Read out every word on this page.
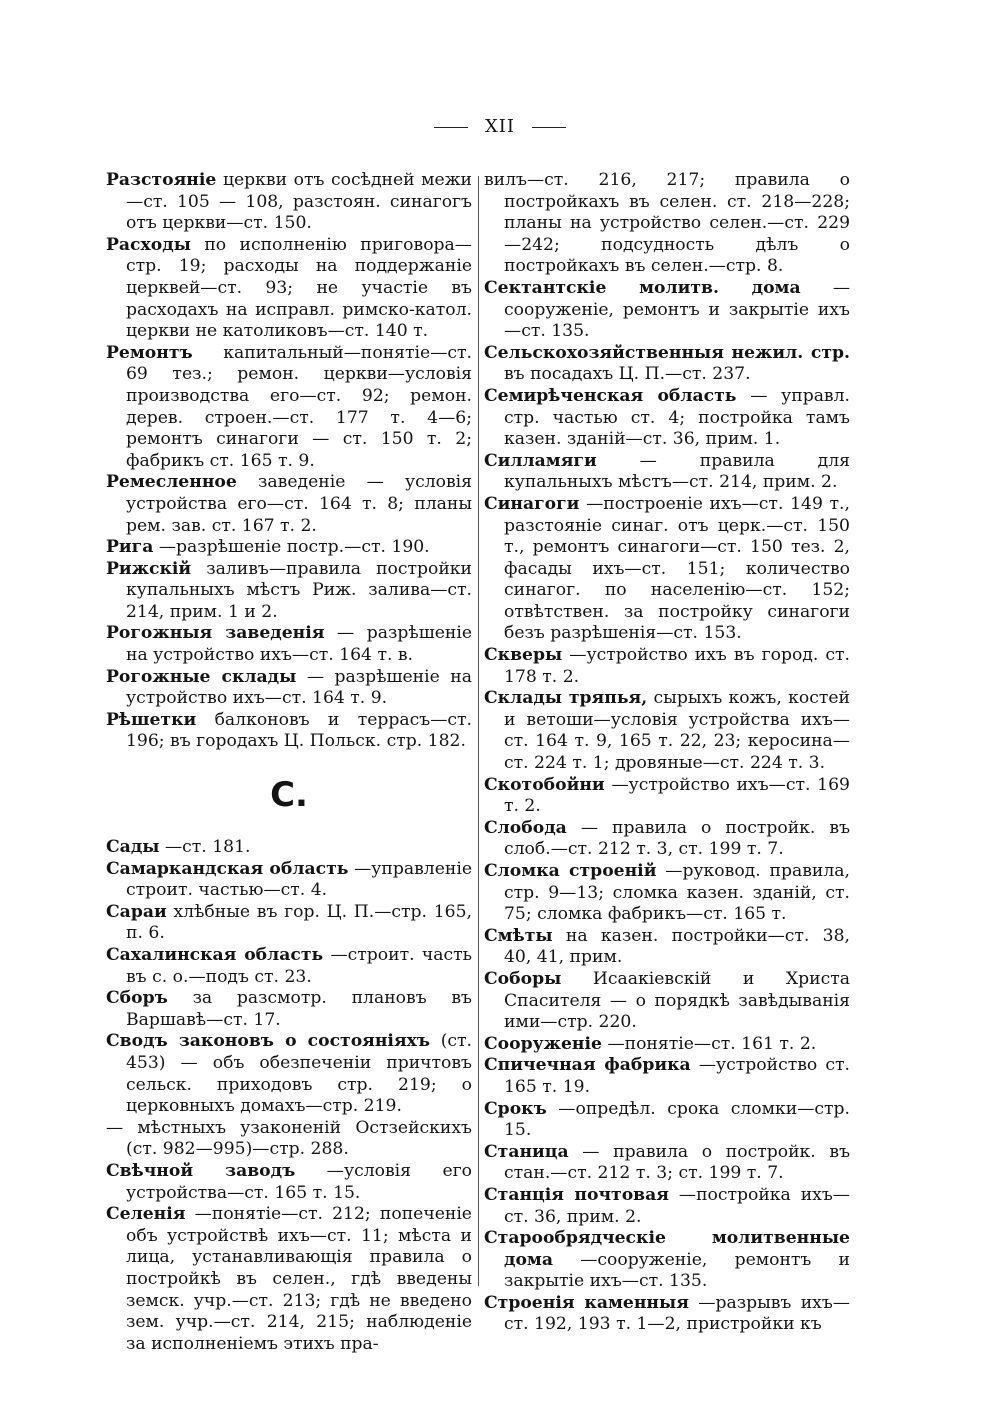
XII

Разстояніе церкви отъ сосѣдней межи—ст. 105 — 108, разстоян. синагогъ отъ церкви—ст. 150.

Расходы по исполненію приговора—стр. 19; расходы на поддержаніе церквей—ст. 93; не участіе въ расходахъ на исправл. римско-катол. церкви не католиковъ—ст. 140 т.

Ремонтъ капитальный—понятіе—ст. 69 тез.; ремон. церкви—условія производства его—ст. 92; ремон. дерев. строен.—ст. 177 т. 4—6; ремонтъ синагоги — ст. 150 т. 2; фабрикъ ст. 165 т. 9.

Ремесленное заведеніе — условія устройства его—ст. 164 т. 8; планы рем. зав. ст. 167 т. 2.

Рига —разрѣшеніе постр.—ст. 190.

Рижскій заливъ—правила постройки купальныхъ мѣстъ Риж. залива—ст. 214, прим. 1 и 2.

Рогожныя заведенія — разрѣшеніе на устройство ихъ—ст. 164 т. в.

Рогожные склады — разрѣшеніе на устройство ихъ—ст. 164 т. 9.

Рѣшетки балконовъ и террасъ—ст. 196; въ городахъ Ц. Польск. стр. 182.

С.

Сады —ст. 181.

Самаркандская область —управленіе строит. частью—ст. 4.

Сараи хлѣбные въ гор. Ц. П.—стр. 165, п. 6.

Сахалинская область —строит. часть въ с. о.—подъ ст. 23.

Сборъ за разсмотр. плановъ въ Варшавѣ—ст. 17.

Сводъ законовъ о состояніяхъ (ст. 453) — объ обезпеченіи причтовъ сельск. приходовъ стр. 219; о церковныхъ домахъ—стр. 219.

— мѣстныхъ узаконеній Остзейскихъ (ст. 982—995)—стр. 288.

Свѣчной заводъ —условія его устройства—ст. 165 т. 15.

Селенія —понятіе—ст. 212; попеченіе объ устройствѣ ихъ—ст. 11; мѣста и лица, устанавливающія правила о постройкѣ въ селен., гдѣ введены земск. учр.—ст. 213; гдѣ не введено зем. учр.—ст. 214, 215; наблюденіе за исполненіемъ этихъ пра-

вилъ—ст. 216, 217; правила о постройкахъ въ селен. ст. 218—228; планы на устройство селен.—ст. 229—242; подсудность дѣлъ о постройкахъ въ селен.—стр. 8.

Сектантскіе молитв. дома —сооруженіе, ремонтъ и закрытіе ихъ—ст. 135.

Сельскохозяйственныя нежил. стр. въ посадахъ Ц. П.—ст. 237.

Семирѣченская область — управл. стр. частью ст. 4; постройка тамъ казен. зданій—ст. 36, прим. 1.

Силламяги — правила для купальныхъ мѣстъ—ст. 214, прим. 2.

Синагоги —построеніе ихъ—ст. 149 т., разстояніе синаг. отъ церк.—ст. 150 т., ремонтъ синагоги—ст. 150 тез. 2, фасады ихъ—ст. 151; количество синагог. по населенію—ст. 152; отвѣтствен. за постройку синагоги безъ разрѣшенія—ст. 153.

Скверы —устройство ихъ въ город. ст. 178 т. 2.

Склады тряпья, сырыхъ кожъ, костей и ветоши—условія устройства ихъ—ст. 164 т. 9, 165 т. 22, 23; керосина—ст. 224 т. 1; дровяные—ст. 224 т. 3.

Скотобойни —устройство ихъ—ст. 169 т. 2.

Слобода — правила о постройк. въ слоб.—ст. 212 т. 3, ст. 199 т. 7.

Сломка строеній —руковод. правила, стр. 9—13; сломка казен. зданій, ст. 75; сломка фабрикъ—ст. 165 т.

Смѣты на казен. постройки—ст. 38, 40, 41, прим.

Соборы Исаакіевскій и Христа Спасителя — о порядкѣ завѣдыванія ими—стр. 220.

Сооруженіе —понятіе—ст. 161 т. 2.

Спичечная фабрика —устройство ст. 165 т. 19.

Срокъ —опредѣл. срока сломки—стр. 15.

Станица — правила о постройк. въ стан.—ст. 212 т. 3; ст. 199 т. 7.

Станція почтовая —постройка ихъ—ст. 36, прим. 2.

Старообрядческіе молитвенные дома —сооруженіе, ремонтъ и закрытіе ихъ—ст. 135.

Строенія каменныя —разрывъ ихъ—ст. 192, 193 т. 1—2, пристройки къ
